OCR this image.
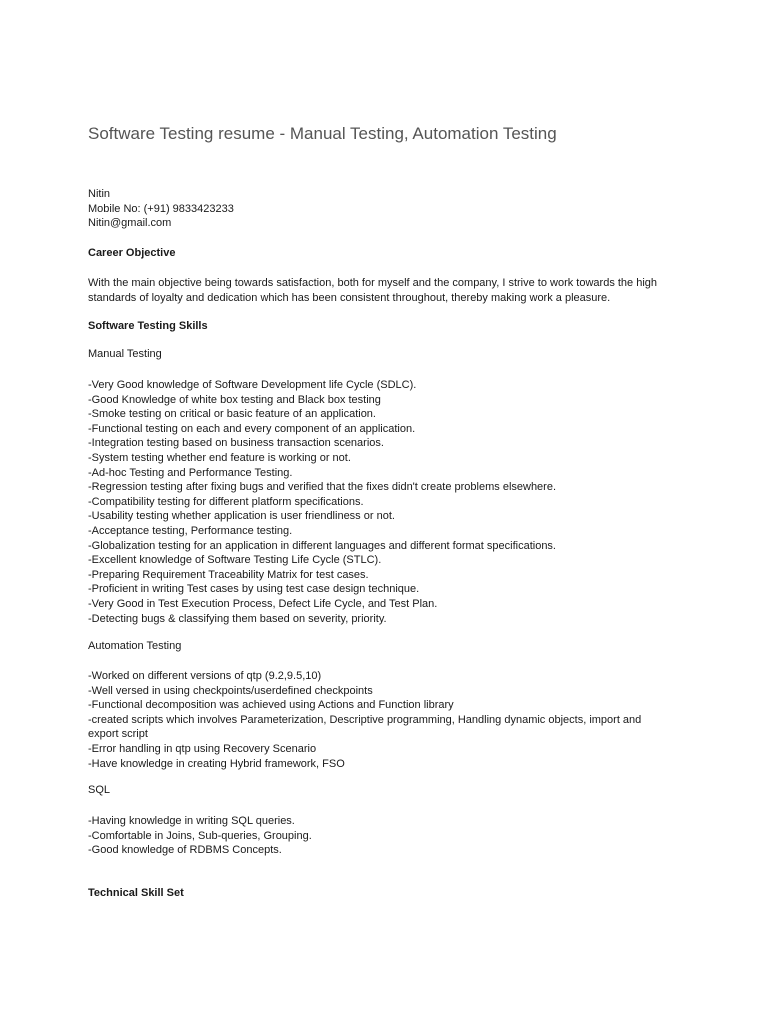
Software Testing resume - Manual Testing, Automation Testing

Nitin

Mobile No: (+91) 9833423233

Nitin@gmail.com

Career Objective

With the main objective being towards satisfaction, both for myself and the company, I strive to work towards the high standards of loyalty and dedication which has been consistent throughout, thereby making work a pleasure.

Software Testing Skills

Manual Testing

-Very Good knowledge of Software Development life Cycle (SDLC).

-Good Knowledge of white box testing and Black box testing

-Smoke testing on critical or basic feature of an application.

-Functional testing on each and every component of an application.

-Integration testing based on business transaction scenarios.

-System testing whether end feature is working or not.

-Ad-hoc Testing and Performance Testing.

-Regression testing after fixing bugs and verified that the fixes didn't create problems elsewhere.

-Compatibility testing for different platform specifications.

-Usability testing whether application is user friendliness or not.

-Acceptance testing, Performance testing.

-Globalization testing for an application in different languages and different format specifications.

-Excellent knowledge of Software Testing Life Cycle (STLC).

-Preparing Requirement Traceability Matrix for test cases.

-Proficient in writing Test cases by using test case design technique.

-Very Good in Test Execution Process, Defect Life Cycle, and Test Plan.

-Detecting bugs & classifying them based on severity, priority.

Automation Testing

-Worked on different versions of qtp (9.2,9.5,10)

-Well versed in using checkpoints/userdefined checkpoints

-Functional decomposition was achieved using Actions and Function library

-created scripts which involves Parameterization, Descriptive programming, Handling dynamic objects, import and

export script

-Error handling in qtp using Recovery Scenario

-Have knowledge in creating Hybrid framework, FSO

SQL

-Having knowledge in writing SQL queries.

-Comfortable in Joins, Sub-queries, Grouping.

-Good knowledge of RDBMS Concepts.

Technical Skill Set
